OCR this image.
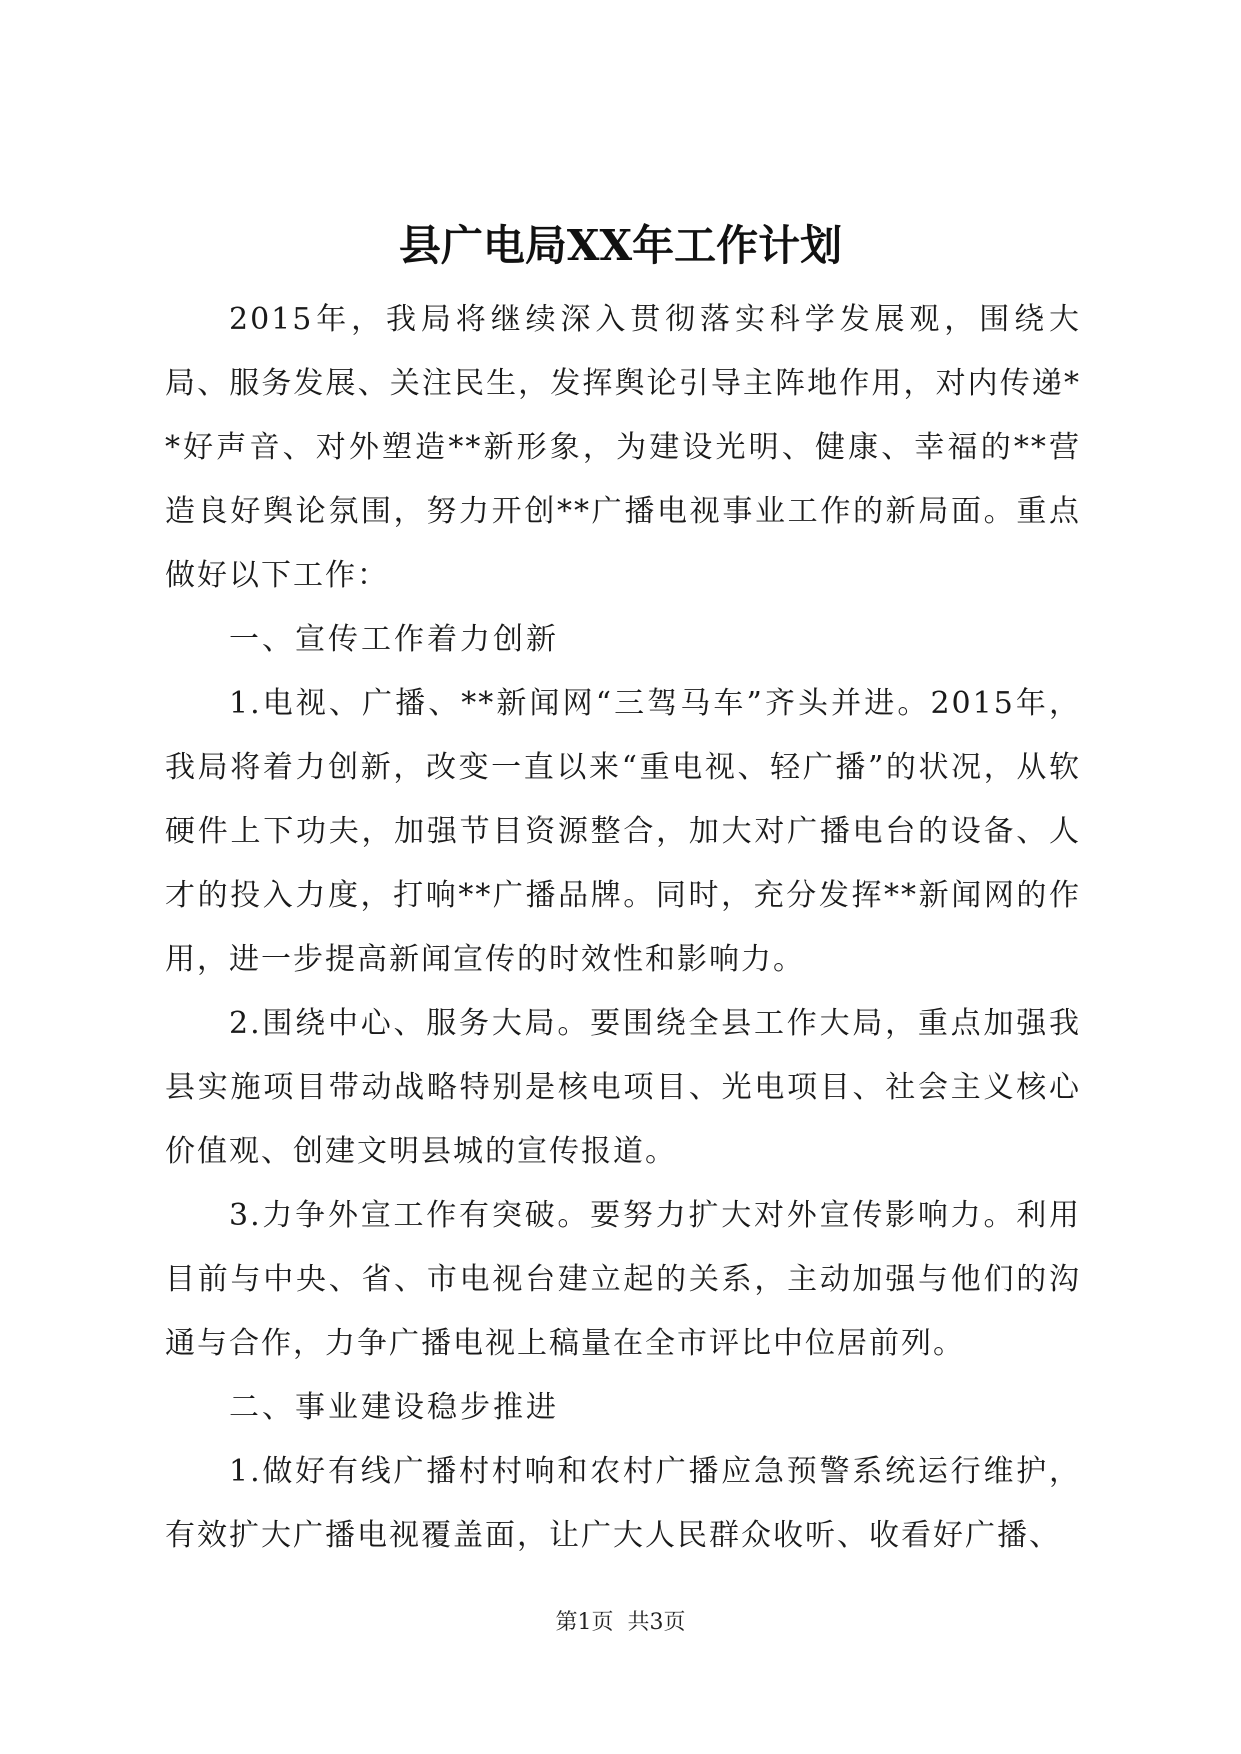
县广电局XX年工作计划

2015年，我局将继续深入贯彻落实科学发展观，围绕大局、服务发展、关注民生，发挥舆论引导主阵地作用，对内传递**好声音、对外塑造**新形象，为建设光明、健康、幸福的**营造良好舆论氛围，努力开创**广播电视事业工作的新局面。重点做好以下工作：

一、宣传工作着力创新

1.电视、广播、**新闻网“三驾马车”齐头并进。2015年，我局将着力创新，改变一直以来“重电视、轻广播”的状况，从软硬件上下功夫，加强节目资源整合，加大对广播电台的设备、人才的投入力度，打响**广播品牌。同时，充分发挥**新闻网的作用，进一步提高新闻宣传的时效性和影响力。

2.围绕中心、服务大局。要围绕全县工作大局，重点加强我县实施项目带动战略特别是核电项目、光电项目、社会主义核心价值观、创建文明县城的宣传报道。

3.力争外宣工作有突破。要努力扩大对外宣传影响力。利用目前与中央、省、市电视台建立起的关系，主动加强与他们的沟通与合作，力争广播电视上稿量在全市评比中位居前列。

二、事业建设稳步推进

1.做好有线广播村村响和农村广播应急预警系统运行维护，有效扩大广播电视覆盖面，让广大人民群众收听、收看好广播、

第1页 共3页
